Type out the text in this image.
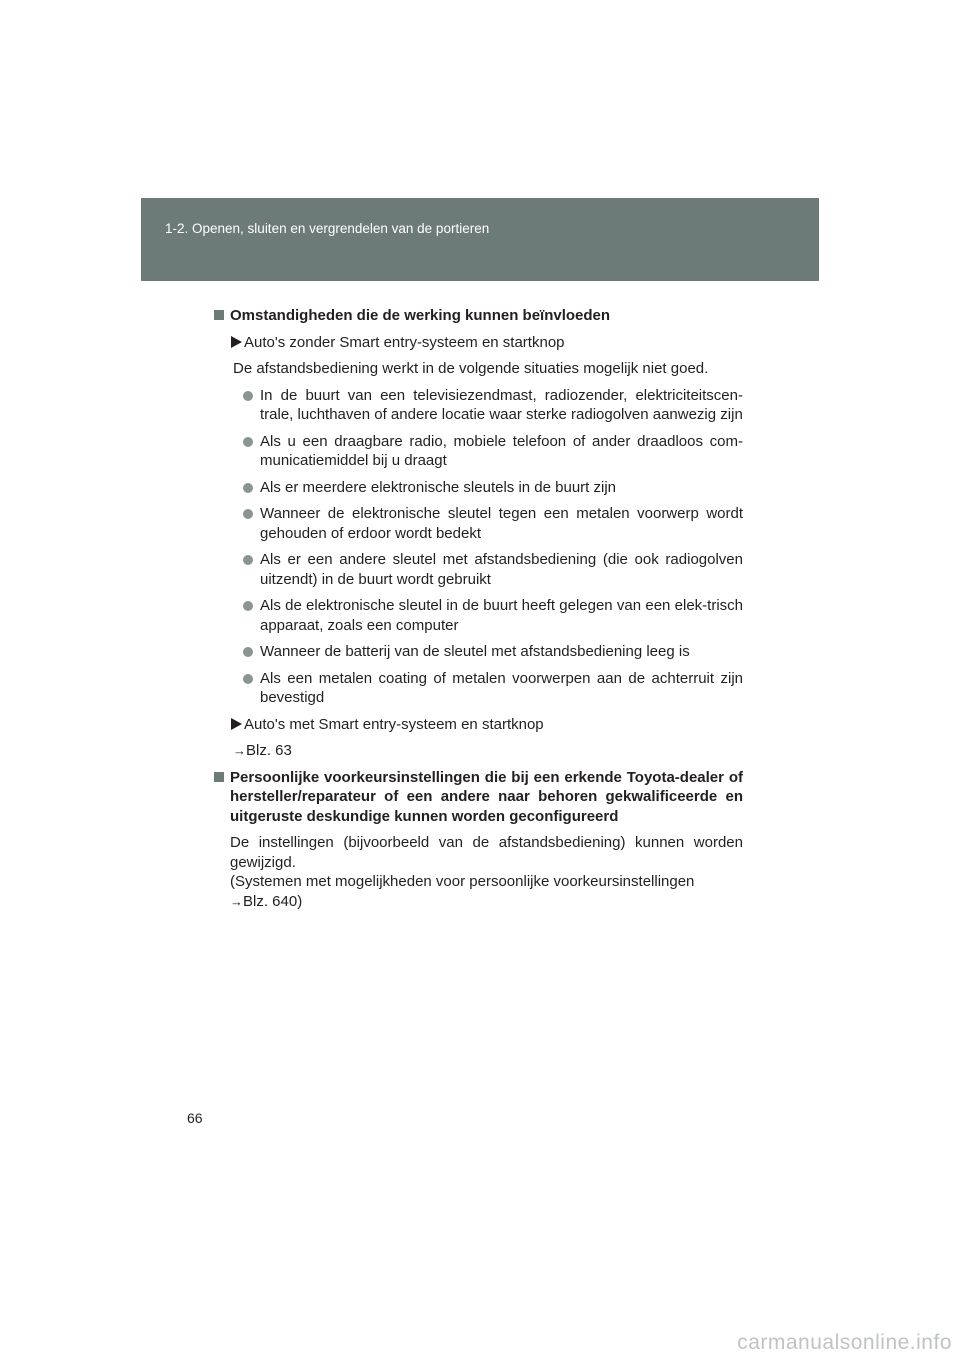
1-2. Openen, sluiten en vergrendelen van de portieren
Omstandigheden die de werking kunnen beïnvloeden
Auto's zonder Smart entry-systeem en startknop
De afstandsbediening werkt in de volgende situaties mogelijk niet goed.
In de buurt van een televisiezendmast, radiozender, elektriciteitscen-trale, luchthaven of andere locatie waar sterke radiogolven aanwezig zijn
Als u een draagbare radio, mobiele telefoon of ander draadloos com-municatiemiddel bij u draagt
Als er meerdere elektronische sleutels in de buurt zijn
Wanneer de elektronische sleutel tegen een metalen voorwerp wordt gehouden of erdoor wordt bedekt
Als er een andere sleutel met afstandsbediening (die ook radiogolven uitzendt) in de buurt wordt gebruikt
Als de elektronische sleutel in de buurt heeft gelegen van een elek-trisch apparaat, zoals een computer
Wanneer de batterij van de sleutel met afstandsbediening leeg is
Als een metalen coating of metalen voorwerpen aan de achterruit zijn bevestigd
Auto's met Smart entry-systeem en startknop
→Blz. 63
Persoonlijke voorkeursinstellingen die bij een erkende Toyota-dealer of hersteller/reparateur of een andere naar behoren gekwalificeerde en uitgeruste deskundige kunnen worden geconfigureerd
De instellingen (bijvoorbeeld van de afstandsbediening) kunnen worden gewijzigd.
(Systemen met mogelijkheden voor persoonlijke voorkeursinstellingen
→Blz. 640)
66
carmanualsonline.info
